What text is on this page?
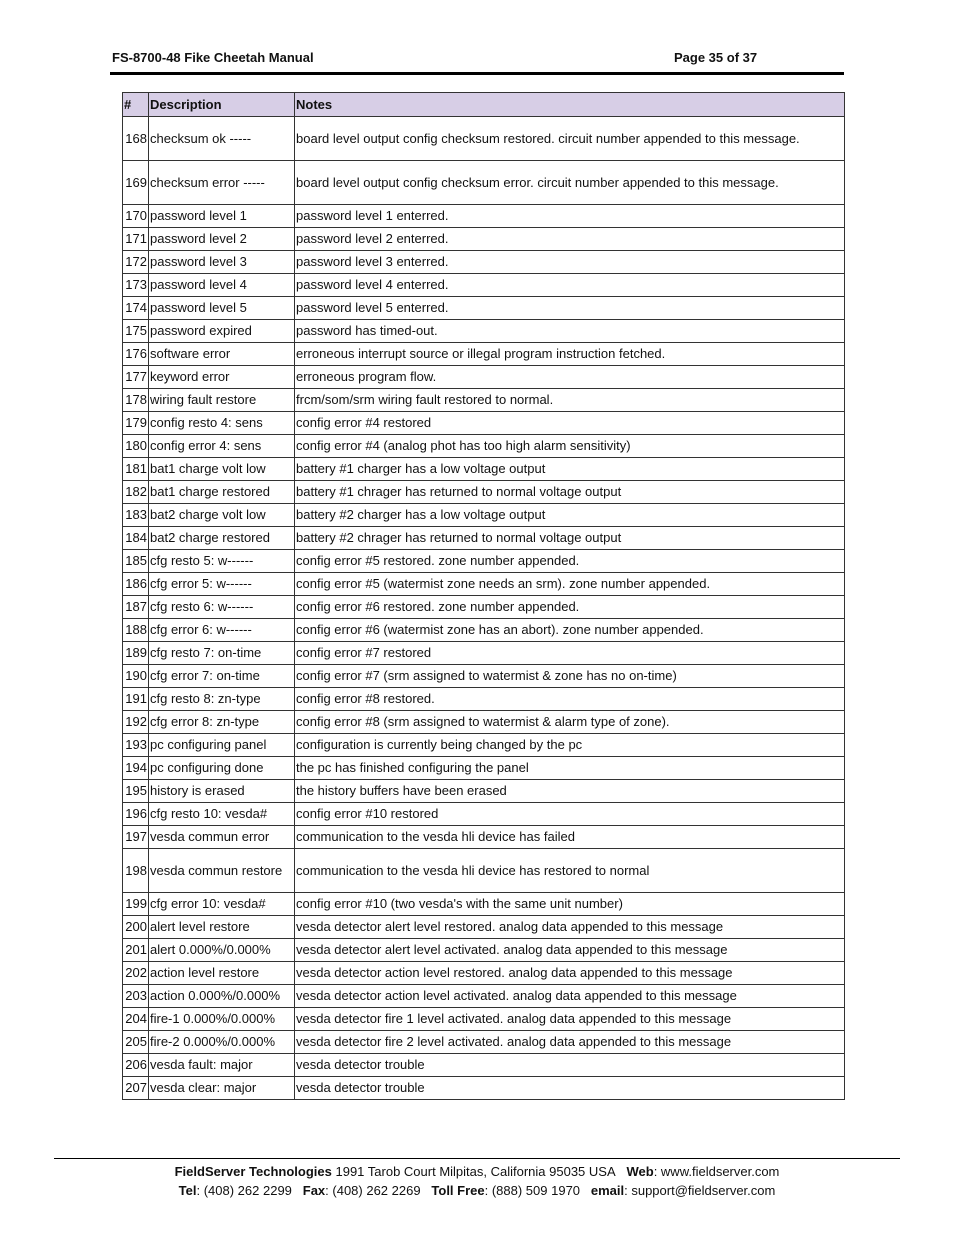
FS-8700-48 Fike Cheetah Manual	Page 35 of 37
#	Description	Notes
168	checksum ok -----	board level output config checksum restored. circuit number appended to this message.
169	checksum error -----	board level output config checksum error. circuit number appended to this message.
170	password level 1	password level 1 enterred.
171	password level 2	password level 2 enterred.
172	password level 3	password level 3 enterred.
173	password level 4	password level 4 enterred.
174	password level 5	password level 5 enterred.
175	password expired	password has timed-out.
176	software error	erroneous interrupt source or illegal program instruction fetched.
177	keyword error	erroneous program flow.
178	wiring fault restore	frcm/som/srm wiring fault restored to normal.
179	config resto 4: sens	config error #4 restored
180	config error 4: sens	config error #4 (analog phot has too high alarm sensitivity)
181	bat1 charge volt low	battery #1 charger has a low voltage output
182	bat1 charge restored	battery #1 chrager has returned to normal voltage output
183	bat2 charge volt low	battery #2 charger has a low voltage output
184	bat2 charge restored	battery #2 chrager has returned to normal voltage output
185	cfg resto 5: w------	config error #5 restored. zone number appended.
186	cfg error 5: w------	config error #5 (watermist zone needs an srm). zone number appended.
187	cfg resto 6: w------	config error #6 restored. zone number appended.
188	cfg error 6: w------	config error #6 (watermist zone has an abort). zone number appended.
189	cfg resto 7: on-time	config error #7 restored
190	cfg error 7: on-time	config error #7 (srm assigned to watermist & zone has no on-time)
191	cfg resto 8: zn-type	config error #8 restored.
192	cfg error 8: zn-type	config error #8 (srm assigned to watermist & alarm type of zone).
193	pc configuring panel	configuration is currently being changed by the pc
194	pc configuring done	the pc has finished configuring the panel
195	history is erased	the history buffers have been erased
196	cfg resto 10: vesda#	config error #10 restored
197	vesda commun error	communication to the vesda hli device has failed
198	vesda commun restore	communication to the vesda hli device has restored to normal
199	cfg error 10: vesda#	config error #10 (two vesda's with the same unit number)
200	alert level restore	vesda detector alert level restored. analog data appended to this message
201	alert 0.000%/0.000%	vesda detector alert level activated. analog data appended to this message
202	action level restore	vesda detector action level restored. analog data appended to this message
203	action 0.000%/0.000%	vesda detector action level activated. analog data appended to this message
204	fire-1 0.000%/0.000%	vesda detector fire 1 level activated. analog data appended to this message
205	fire-2 0.000%/0.000%	vesda detector fire 2 level activated. analog data appended to this message
206	vesda fault: major	vesda detector trouble
207	vesda clear: major	vesda detector trouble
FieldServer Technologies 1991 Tarob Court Milpitas, California 95035 USA Web: www.fieldserver.com
Tel: (408) 262 2299 Fax: (408) 262 2269 Toll Free: (888) 509 1970 email: support@fieldserver.com
